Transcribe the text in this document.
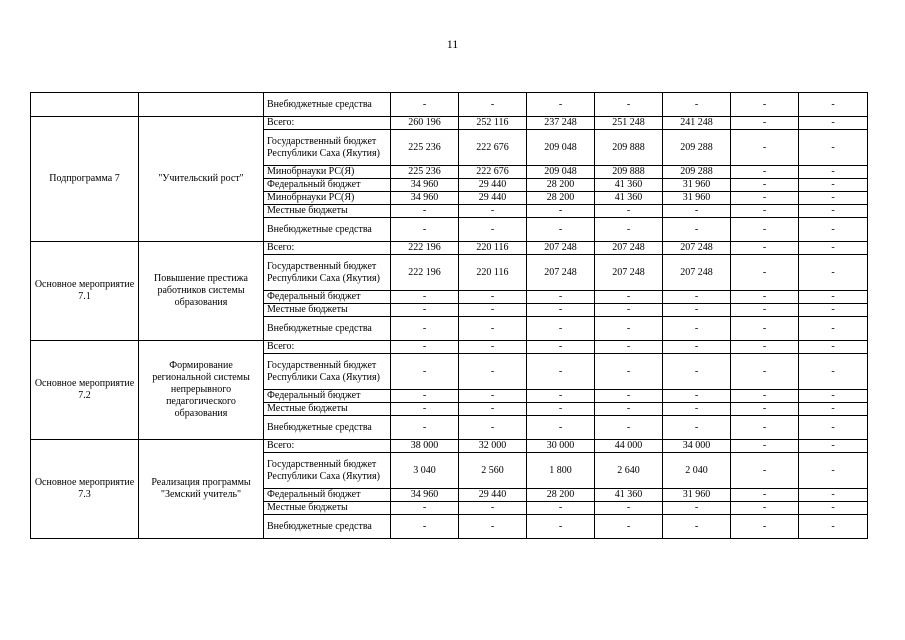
11
		Внебюджетные средства	-	-	-	-	-	-	-
Подпрограмма 7	"Учительский рост"	Всего:	260 196	252 116	237 248	251 248	241 248	-	-
		Государственный бюджет Республики Саха (Якутия)	225 236	222 676	209 048	209 888	209 288	-	-
		Минобрнауки РС(Я)	225 236	222 676	209 048	209 888	209 288	-	-
		Федеральный бюджет	34 960	29 440	28 200	41 360	31 960	-	-
		Минобрнауки РС(Я)	34 960	29 440	28 200	41 360	31 960	-	-
		Местные бюджеты	-	-	-	-	-	-	-
		Внебюджетные средства	-	-	-	-	-	-	-
Основное мероприятие 7.1	Повышение престижа работников системы образования	Всего:	222 196	220 116	207 248	207 248	207 248	-	-
		Государственный бюджет Республики Саха (Якутия)	222 196	220 116	207 248	207 248	207 248	-	-
		Федеральный бюджет	-	-	-	-	-	-	-
		Местные бюджеты	-	-	-	-	-	-	-
		Внебюджетные средства	-	-	-	-	-	-	-
Основное мероприятие 7.2	Формирование региональной системы непрерывного педагогического образования	Всего:	-	-	-	-	-	-	-
		Государственный бюджет Республики Саха (Якутия)	-	-	-	-	-	-	-
		Федеральный бюджет	-	-	-	-	-	-	-
		Местные бюджеты	-	-	-	-	-	-	-
		Внебюджетные средства	-	-	-	-	-	-	-
Основное мероприятие 7.3	Реализация программы "Земский учитель"	Всего:	38 000	32 000	30 000	44 000	34 000	-	-
		Государственный бюджет Республики Саха (Якутия)	3 040	2 560	1 800	2 640	2 040	-	-
		Федеральный бюджет	34 960	29 440	28 200	41 360	31 960	-	-
		Местные бюджеты	-	-	-	-	-	-	-
		Внебюджетные средства	-	-	-	-	-	-	-
